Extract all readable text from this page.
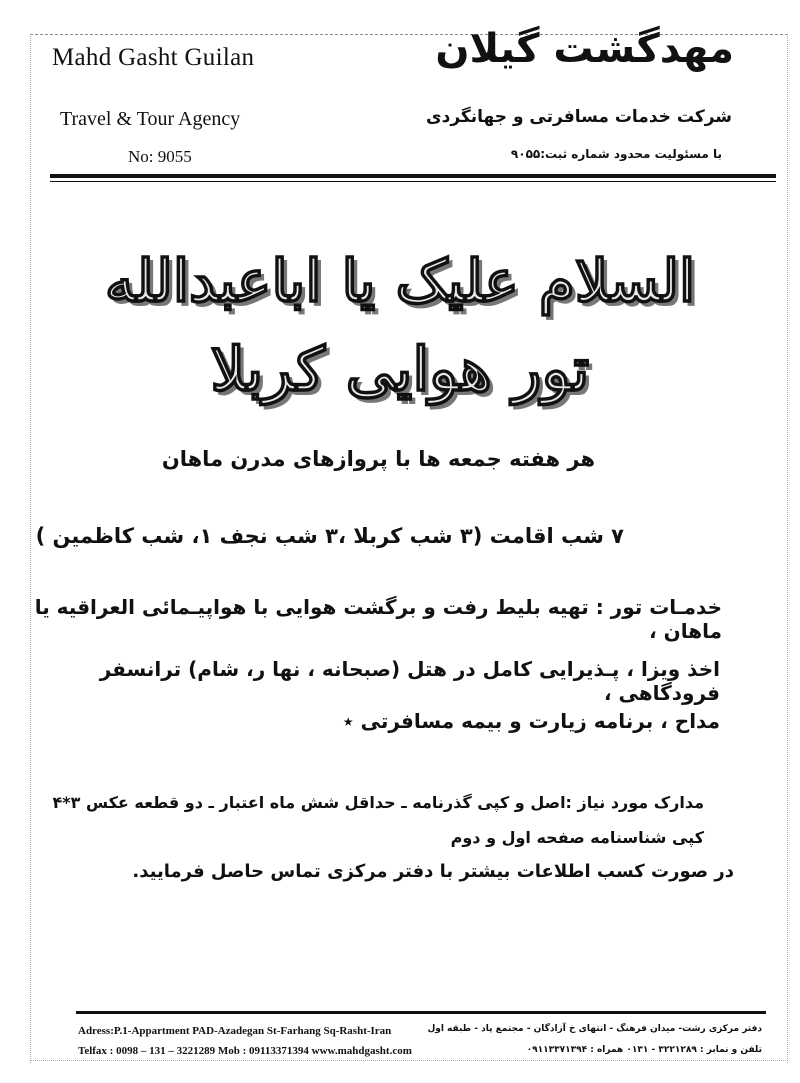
Mahd Gasht Guilan
Travel & Tour Agency
No: 9055
مهدگشت گیلان
شرکت خدمات مسافرتی و جهانگردی
با مسئولیت محدود شماره ثبت:۹۰۵۵
السلام علیک یا اباعبدالله
تور هوایی کربلا
هر هفته جمعه ها با پروازهای مدرن ماهان
۷ شب اقامت (۳ شب کربلا ،۳ شب نجف ۱، شب کاظمین )
خدمـات تور : تهیه بلیط رفت و برگشت هوایی با هواپیـمائی العراقیه یا ماهان ،
اخذ ویزا ، پـذیرایی کامل در هتل (صبحانه ، نها ر، شام) ترانسفر فرودگاهی ،
مداح ، برنامه زیارت و بیمه مسافرتی ٭
مدارک مورد نیاز :اصل و کپی گذرنامه ـ حداقل شش ماه اعتبار ـ دو قطعه عکس ۳*۴
کپی شناسنامه صفحه اول و دوم
در صورت کسب اطلاعات بیشتر با دفتر مرکزی تماس حاصل فرمایید.
Adress:P.1-Appartment PAD-Azadegan St-Farhang Sq-Rasht-Iran
Telfax : 0098 – 131 – 3221289 Mob : 09113371394 www.mahdgasht.com
دفتر مرکزی رشت- میدان فرهنگ - انتهای خ آزادگان - مجتمع پاد - طبقه اول
تلفن و نمابر : ۳۲۲۱۲۸۹ - ۰۱۳۱ همراه : ۰۹۱۱۳۳۷۱۳۹۴
